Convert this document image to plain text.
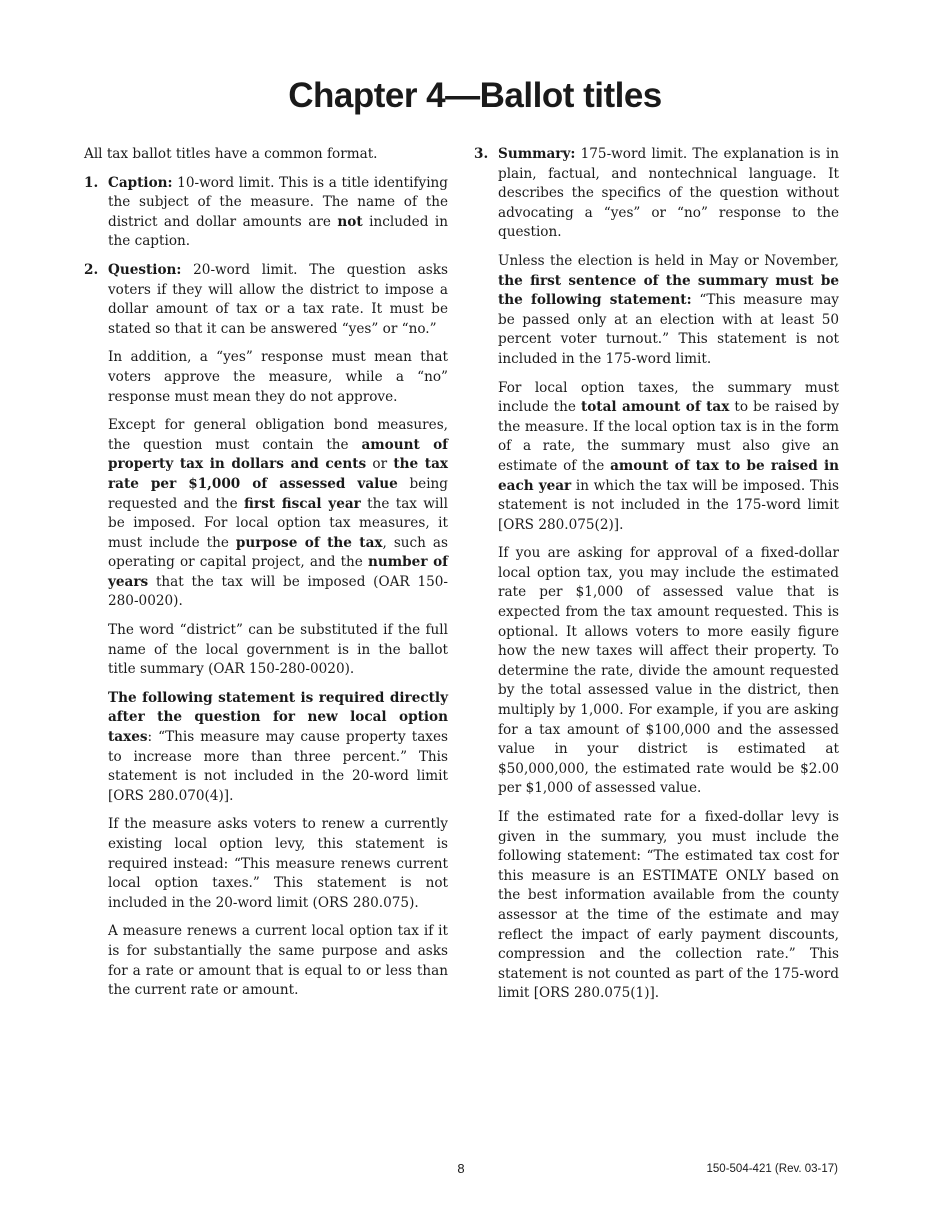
Chapter 4—Ballot titles

All tax ballot titles have a common format.

1. Caption: 10-word limit. This is a title identifying the subject of the measure. The name of the district and dollar amounts are not included in the caption.

2. Question: 20-word limit. The question asks voters if they will allow the district to impose a dollar amount of tax or a tax rate. It must be stated so that it can be answered “yes” or “no.”

In addition, a “yes” response must mean that voters approve the measure, while a “no” response must mean they do not approve.

Except for general obligation bond measures, the question must contain the amount of property tax in dollars and cents or the tax rate per $1,000 of assessed value being requested and the first fiscal year the tax will be imposed. For local option tax measures, it must include the purpose of the tax, such as operating or capital project, and the number of years that the tax will be imposed (OAR 150-280-0020).

The word “district” can be substituted if the full name of the local government is in the ballot title summary (OAR 150-280-0020).

The following statement is required directly after the question for new local option taxes: “This measure may cause property taxes to increase more than three percent.” This statement is not included in the 20-word limit [ORS 280.070(4)].

If the measure asks voters to renew a currently existing local option levy, this statement is required instead: “This measure renews current local option taxes.” This statement is not included in the 20-word limit (ORS 280.075).

A measure renews a current local option tax if it is for substantially the same purpose and asks for a rate or amount that is equal to or less than the current rate or amount.

3. Summary: 175-word limit. The explanation is in plain, factual, and nontechnical language. It describes the specifics of the question without advocating a “yes” or “no” response to the question.

Unless the election is held in May or November, the first sentence of the summary must be the following statement: “This measure may be passed only at an election with at least 50 percent voter turnout.” This statement is not included in the 175-word limit.

For local option taxes, the summary must include the total amount of tax to be raised by the measure. If the local option tax is in the form of a rate, the summary must also give an estimate of the amount of tax to be raised in each year in which the tax will be imposed. This statement is not included in the 175-word limit [ORS 280.075(2)].

If you are asking for approval of a fixed-dollar local option tax, you may include the estimated rate per $1,000 of assessed value that is expected from the tax amount requested. This is optional. It allows voters to more easily figure how the new taxes will affect their property. To determine the rate, divide the amount requested by the total assessed value in the district, then multiply by 1,000. For example, if you are asking for a tax amount of $100,000 and the assessed value in your district is estimated at $50,000,000, the estimated rate would be $2.00 per $1,000 of assessed value.

If the estimated rate for a fixed-dollar levy is given in the summary, you must include the following statement: “The estimated tax cost for this measure is an ESTIMATE ONLY based on the best information available from the county assessor at the time of the estimate and may reflect the impact of early payment discounts, compression and the collection rate.” This statement is not counted as part of the 175-word limit [ORS 280.075(1)].

8	150-504-421 (Rev. 03-17)
